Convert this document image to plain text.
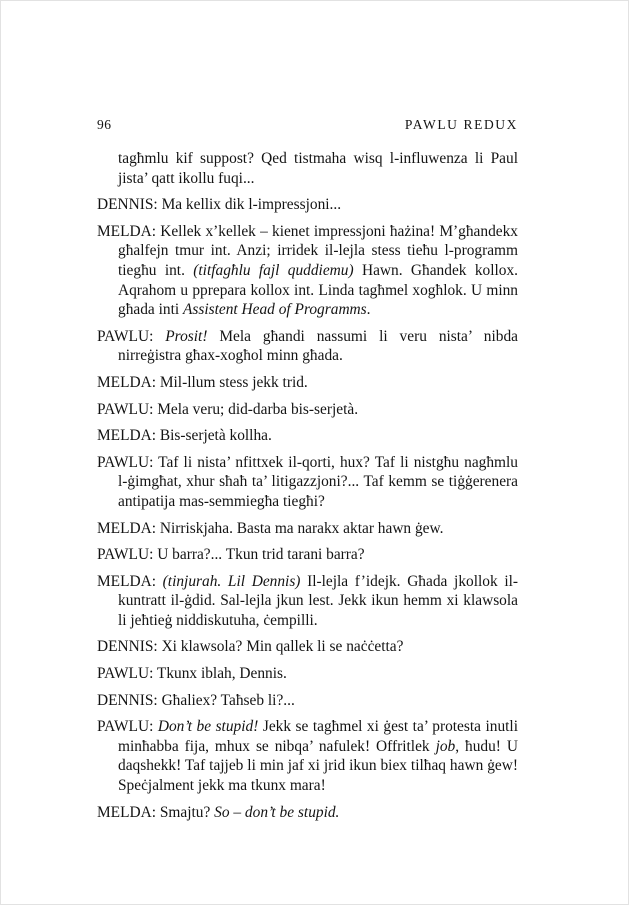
96	PAWLU REDUX

tagħmlu kif suppost? Qed tistmaha wisq l-influwenza li Paul jista’ qatt ikollu fuqi...

DENNIS: Ma kellix dik l-impressjoni...

MELDA: Kellek x’kellek – kienet impressjoni ħażina! M’għandekx għalfejn tmur int. Anzi; irridek il-lejla stess tieħu l-programm tiegħu int. (titfagħlu fajl quddiemu) Hawn. Għandek kollox. Aqrahom u pprepara kollox int. Linda tagħmel xogħlok. U minn għada inti Assistent Head of Programms.

PAWLU: Prosit! Mela għandi nassumi li veru nista’ nibda nirreġistra għax-xogħol minn għada.

MELDA: Mil-llum stess jekk trid.

PAWLU: Mela veru; did-darba bis-serjetà.

MELDA: Bis-serjetà kollha.

PAWLU: Taf li nista’ nfittxek il-qorti, hux? Taf li nistgħu nagħmlu l-ġimgħat, xhur sħaħ ta’ litigazzjoni?... Taf kemm se tiġġerenera antipatija mas-semmiegħa tiegħi?

MELDA: Nirriskjaha. Basta ma narakx aktar hawn ġew.

PAWLU: U barra?... Tkun trid tarani barra?

MELDA: (tinjurah. Lil Dennis) Il-lejla f’idejk. Għada jkollok il-kuntratt il-ġdid. Sal-lejla jkun lest. Jekk ikun hemm xi klawsola li jeħtieġ niddiskutuha, ċempilli.

DENNIS: Xi klawsola? Min qallek li se naċċetta?

PAWLU: Tkunx iblah, Dennis.

DENNIS: Għaliex? Taħseb li?...

PAWLU: Don’t be stupid! Jekk se tagħmel xi ġest ta’ protesta inutli minħabba fija, mhux se nibqa’ nafulek! Offritlek job, ħudu! U daqshekk! Taf tajjeb li min jaf xi jrid ikun biex tilħaq hawn ġew! Speċjalment jekk ma tkunx mara!

MELDA: Smajtu? So – don’t be stupid.
